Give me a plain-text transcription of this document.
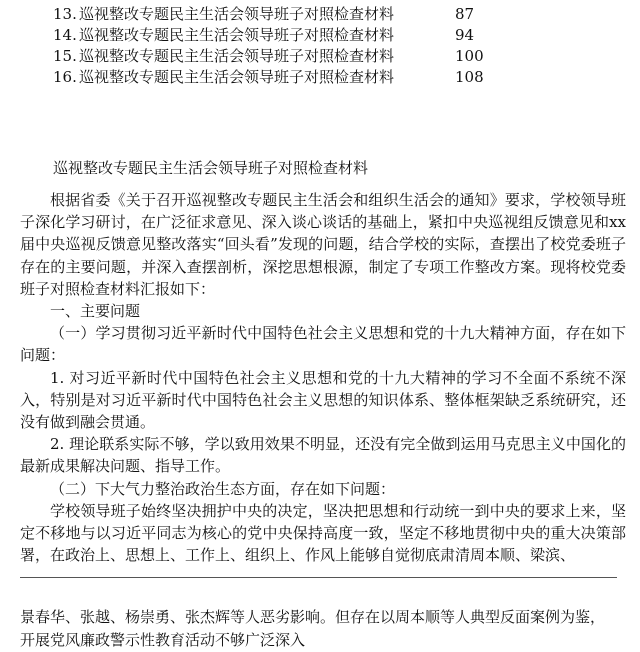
13. 巡视整改专题民主生活会领导班子对照检查材料	87
14. 巡视整改专题民主生活会领导班子对照检查材料	94
15. 巡视整改专题民主生活会领导班子对照检查材料	100
16. 巡视整改专题民主生活会领导班子对照检查材料	108
巡视整改专题民主生活会领导班子对照检查材料

根据省委《关于召开巡视整改专题民主生活会和组织生活会的通知》要求，学校领导班子深化学习研讨，在广泛征求意见、深入谈心谈话的基础上，紧扣中央巡视组反馈意见和xx届中央巡视反馈意见整改落实“回头看”发现的问题，结合学校的实际，查摆出了校党委班子存在的主要问题，并深入查摆剖析，深挖思想根源，制定了专项工作整改方案。现将校党委班子对照检查材料汇报如下：

一、主要问题

（一）学习贯彻习近平新时代中国特色社会主义思想和党的十九大精神方面，存在如下问题：

1. 对习近平新时代中国特色社会主义思想和党的十九大精神的学习不全面不系统不深入，特别是对习近平新时代中国特色社会主义思想的知识体系、整体框架缺乏系统研究，还没有做到融会贯通。

2. 理论联系实际不够，学以致用效果不明显，还没有完全做到运用马克思主义中国化的最新成果解决问题、指导工作。

（二）下大气力整治政治生态方面，存在如下问题：

学校领导班子始终坚决拥护中央的决定，坚决把思想和行动统一到中央的要求上来，坚定不移地与以习近平同志为核心的党中央保持高度一致，坚定不移地贯彻中央的重大决策部署，在政治上、思想上、工作上、组织上、作风上能够自觉彻底肃清周本顺、梁滨、

景春华、张越、杨崇勇、张杰辉等人恶劣影响。但存在以周本顺等人典型反面案例为鉴，
开展党风廉政警示性教育活动不够广泛深入
